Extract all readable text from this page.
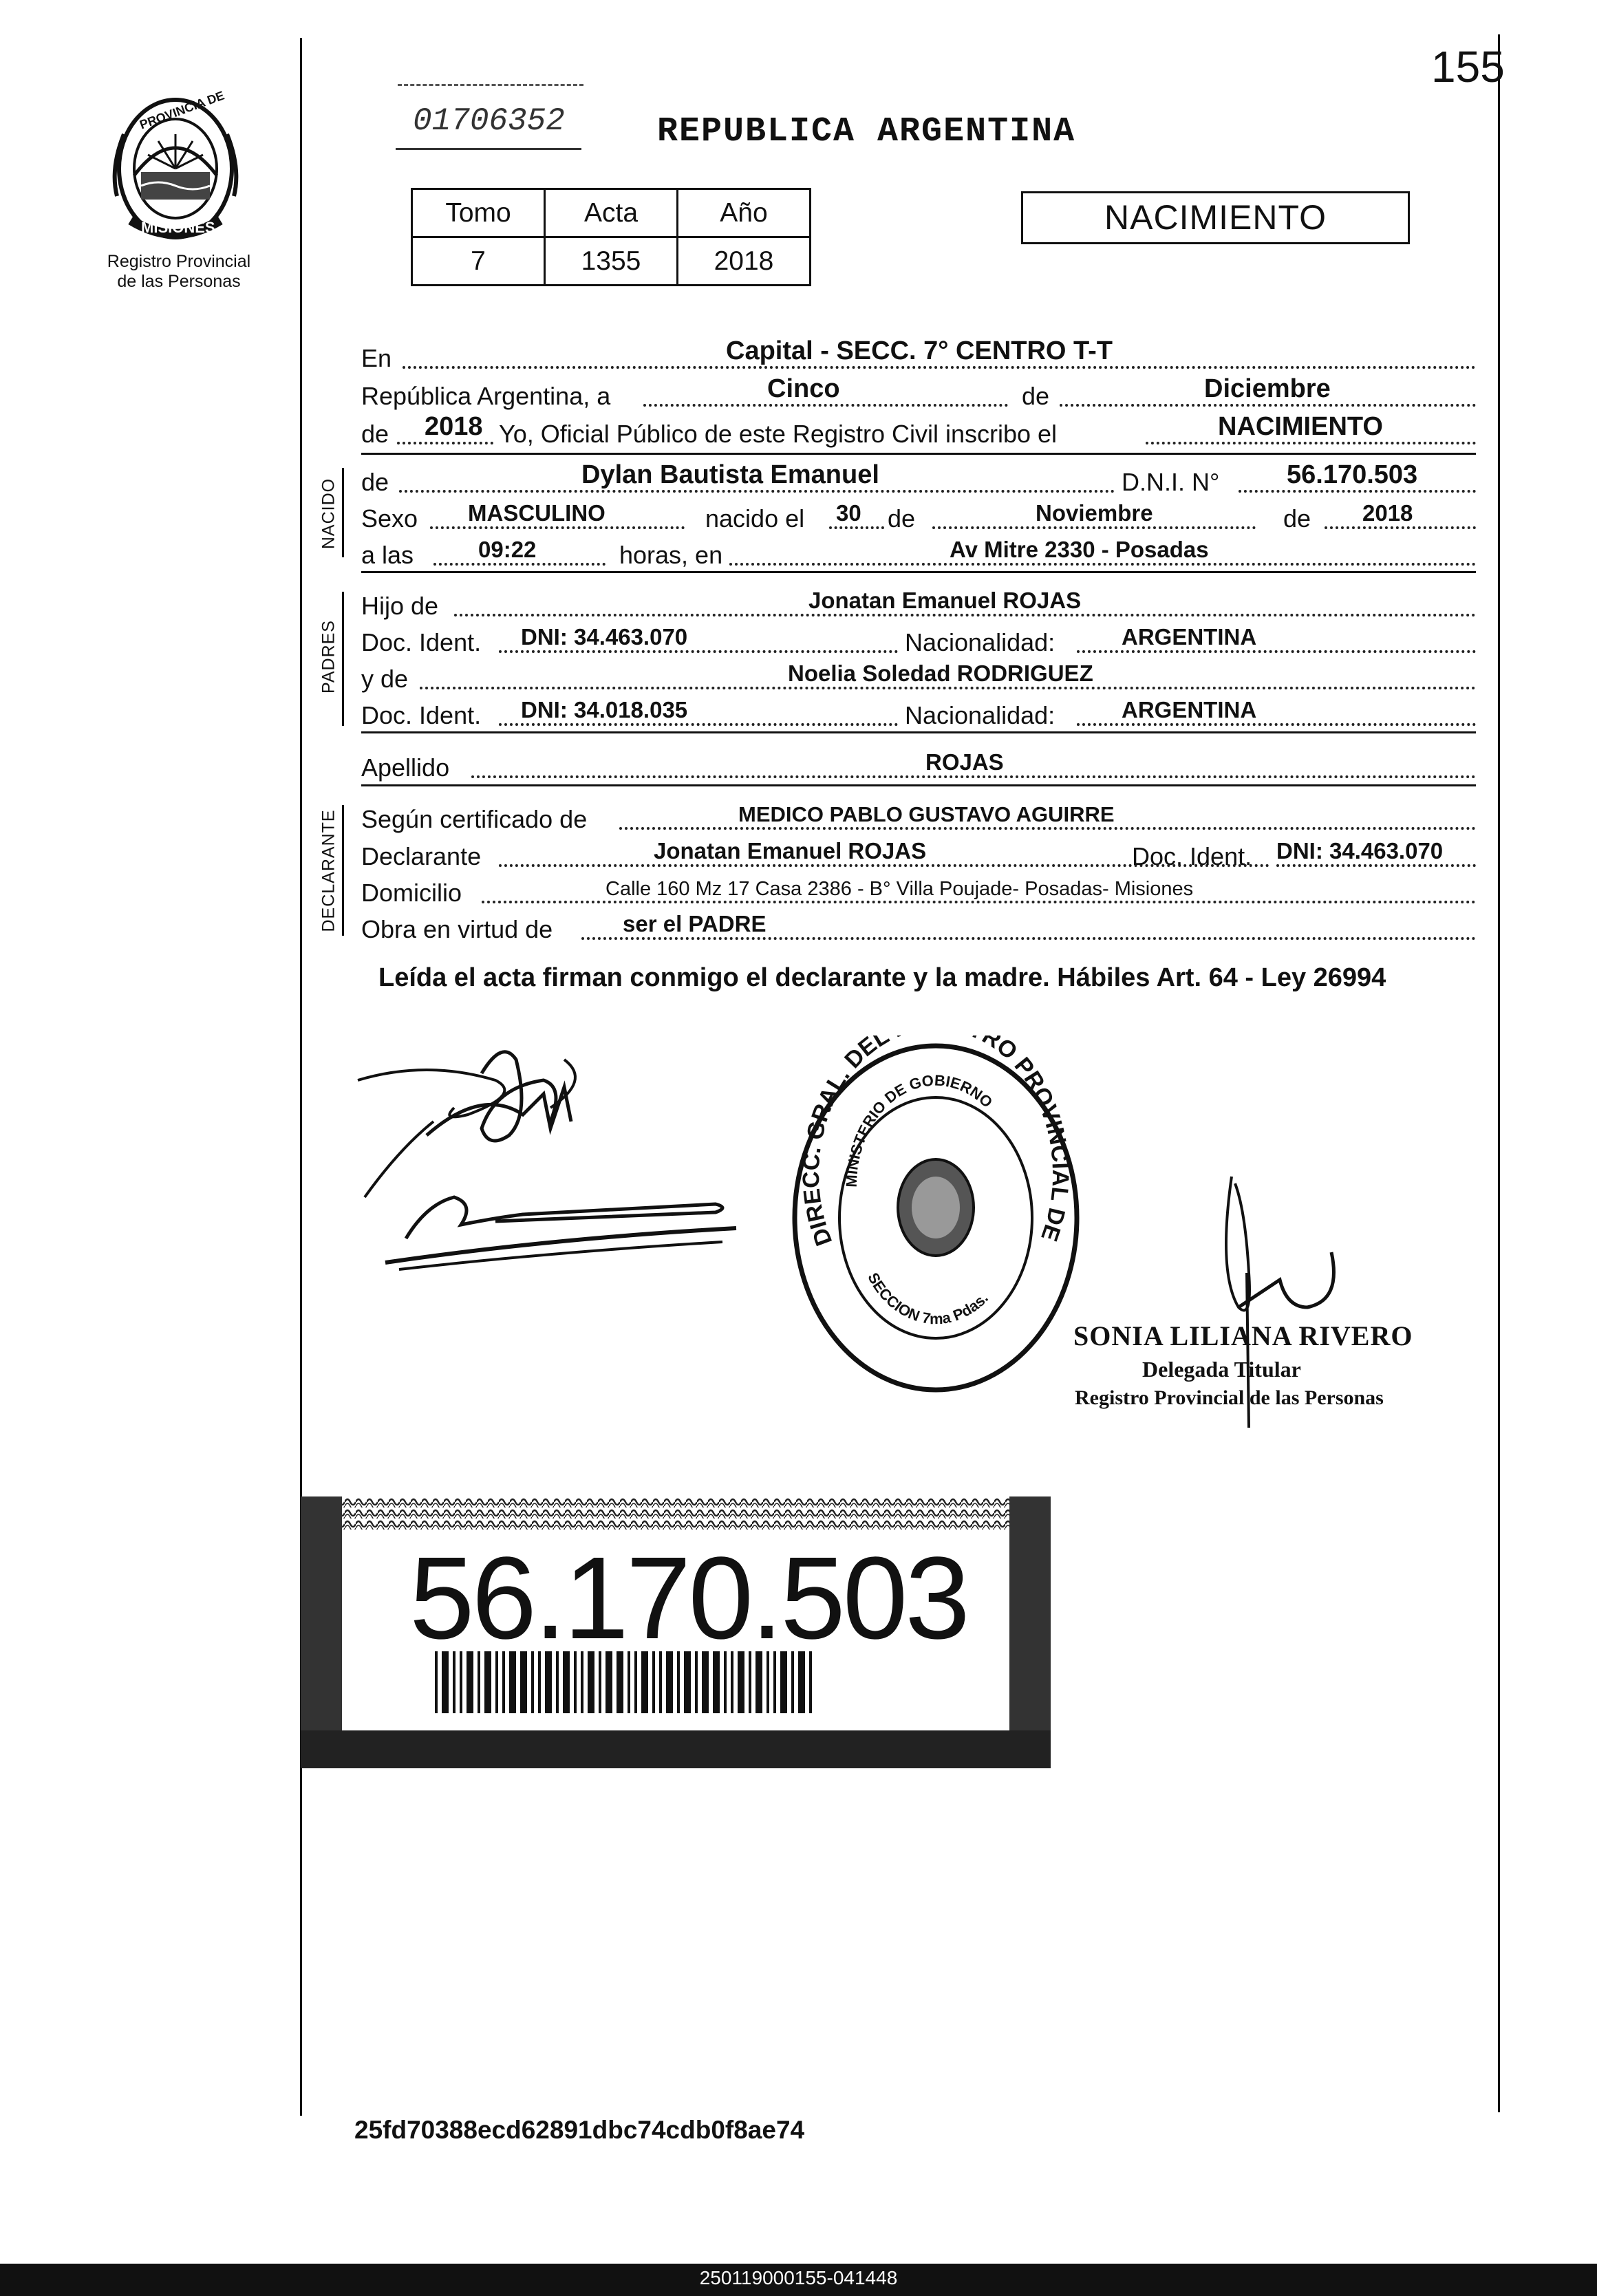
155
PROVINCIA DE
MISIONES
Registro Provincial
de las Personas
01706352	REPUBLICA ARGENTINA
Tomo	Acta	Año
7	1355	2018
NACIMIENTO
En	Capital - SECC. 7° CENTRO T-T
República Argentina, a	Cinco	de	Diciembre
de 2018 Yo, Oficial Público de este Registro Civil inscribo el	NACIMIENTO
NACIDO de	Dylan Bautista Emanuel	D.N.I. N°	56.170.503
Sexo MASCULINO	nacido el 30 de	Noviembre	de 2018
a las	09:22	horas, en	Av Mitre 2330 - Posadas
PADRES
Hijo de	Jonatan Emanuel ROJAS
Doc. Ident. DNI: 34.463.070	Nacionalidad:	ARGENTINA
y de	Noelia Soledad RODRIGUEZ
Doc. Ident. DNI: 34.018.035	Nacionalidad:	ARGENTINA
Apellido	ROJAS
DECLARANTE Según certificado de	MEDICO PABLO GUSTAVO AGUIRRE
Declarante	Jonatan Emanuel ROJAS	Doc. Ident. DNI: 34.463.070
Domicilio	Calle 160 Mz 17 Casa 2386 - B° Villa Poujade- Posadas- Misiones
Obra en virtud de	ser el PADRE
Leída el acta firman conmigo el declarante y la madre. Hábiles Art. 64 - Ley 26994
DIRECC. GRAL. DEL RO PROVINCIAL DE
MINISTERIO DE GOBIERNO
SECCION 7ma Pdas.
SONIA LILIANA RIVERO
Delegada Titular
Registro Provincial de las Personas
56.170.503
25fd70388ecd62891dbc74cdb0f8ae74
250119000155-041448
